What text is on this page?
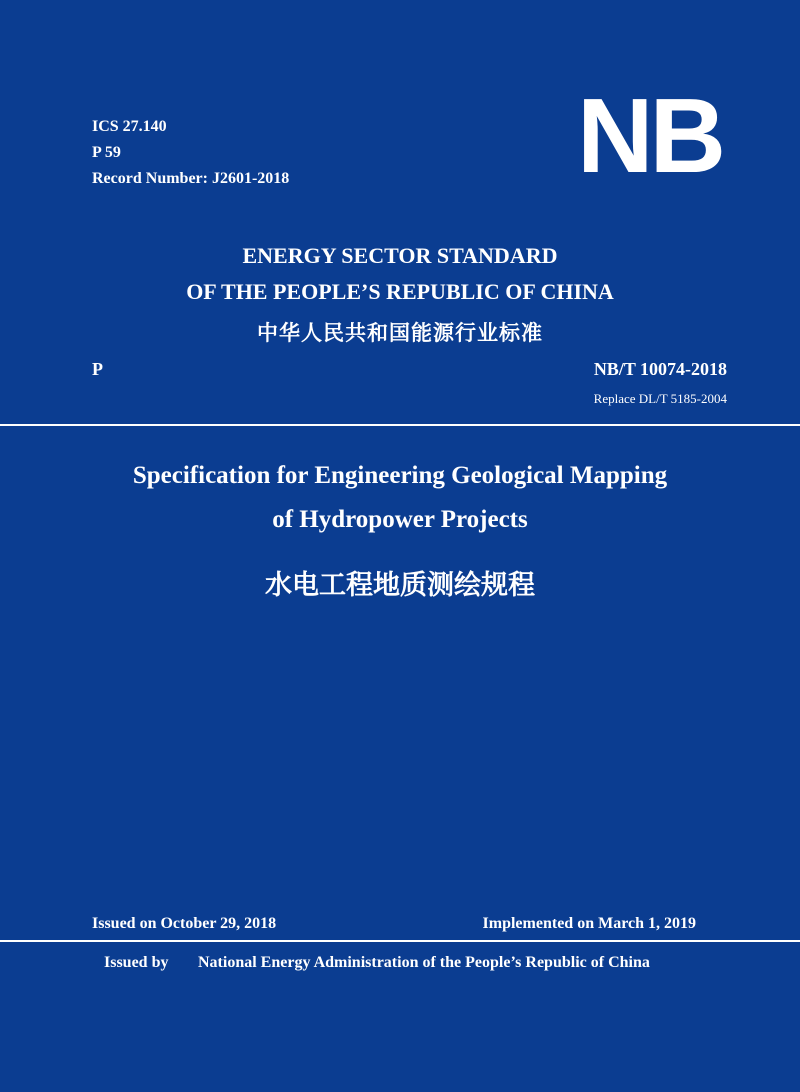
ICS 27.140
P 59
Record Number: J2601-2018	NB
ENERGY SECTOR STANDARD
OF THE PEOPLE’S REPUBLIC OF CHINA
中华人民共和国能源行业标准
P	NB/T 10074-2018
Replace DL/T 5185-2004
Specification for Engineering Geological Mapping
of Hydropower Projects
水电工程地质测绘规程
Issued on October 29, 2018	Implemented on March 1, 2019
Issued by National Energy Administration of the People’s Republic of China
